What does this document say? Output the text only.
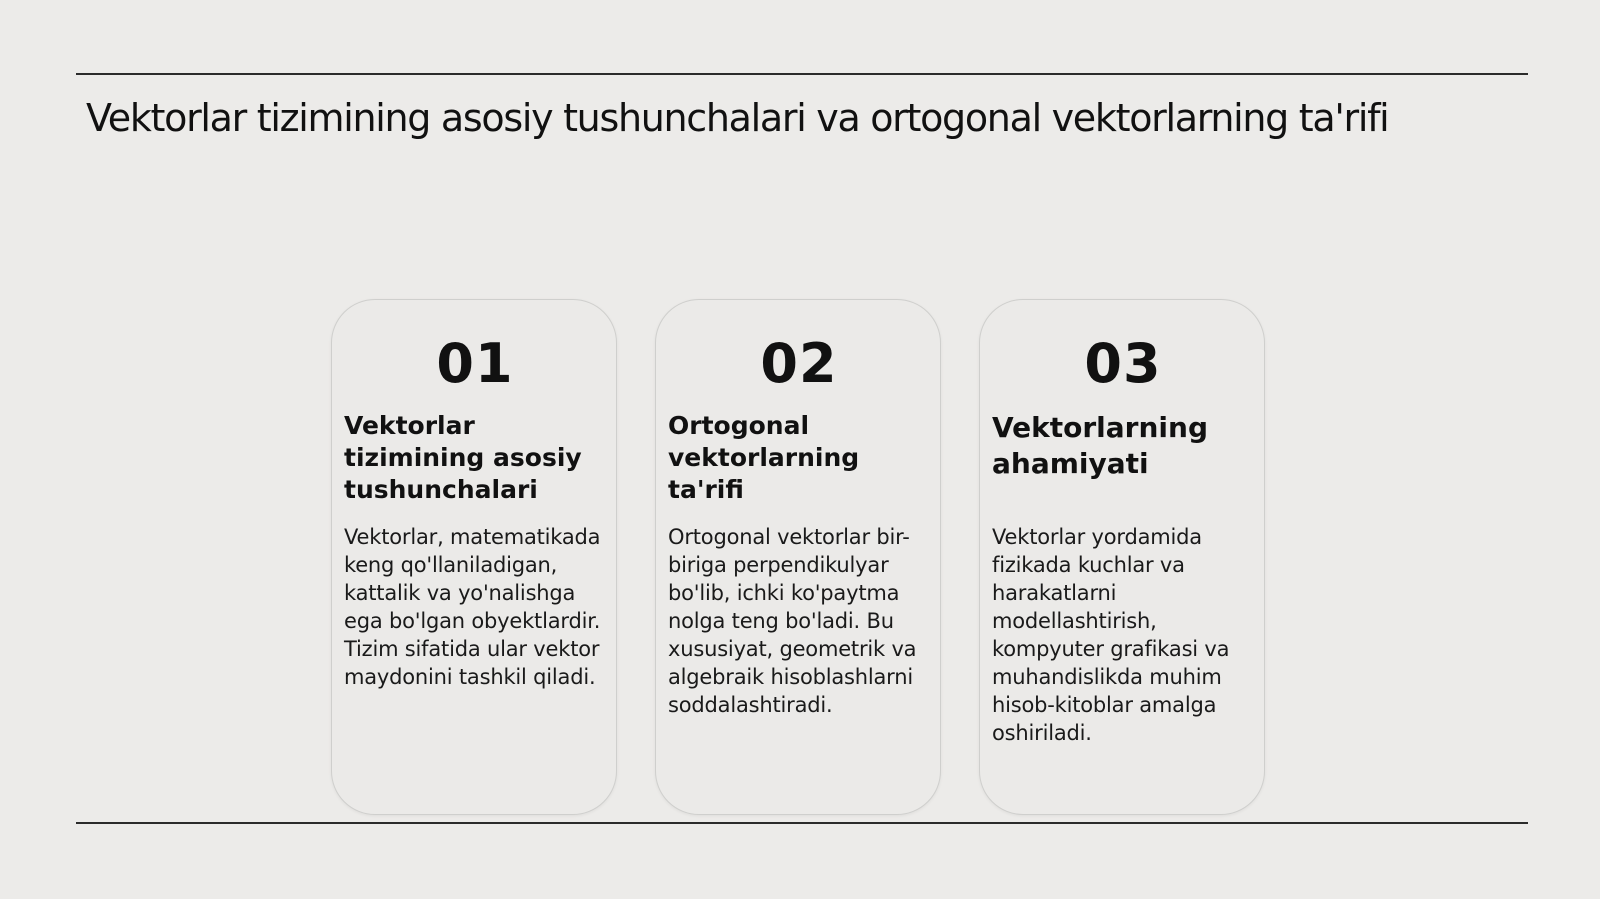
Vektorlar tizimining asosiy tushunchalari va ortogonal vektorlarning ta'rifi
01
Vektorlar tizimining asosiy tushunchalari

Vektorlar, matematikada keng qo'llaniladigan, kattalik va yo'nalishga ega bo'lgan obyektlardir. Tizim sifatida ular vektor maydonini tashkil qiladi.

02
Ortogonal vektorlarning ta'rifi

Ortogonal vektorlar bir-biriga perpendikulyar bo'lib, ichki ko'paytma nolga teng bo'ladi. Bu xususiyat, geometrik va algebraik hisoblashlarni soddalashtiradi.

03
Vektorlarning ahamiyati

Vektorlar yordamida fizikada kuchlar va harakatlarni modellashtirish, kompyuter grafikasi va muhandislikda muhim hisob-kitoblar amalga oshiriladi.
